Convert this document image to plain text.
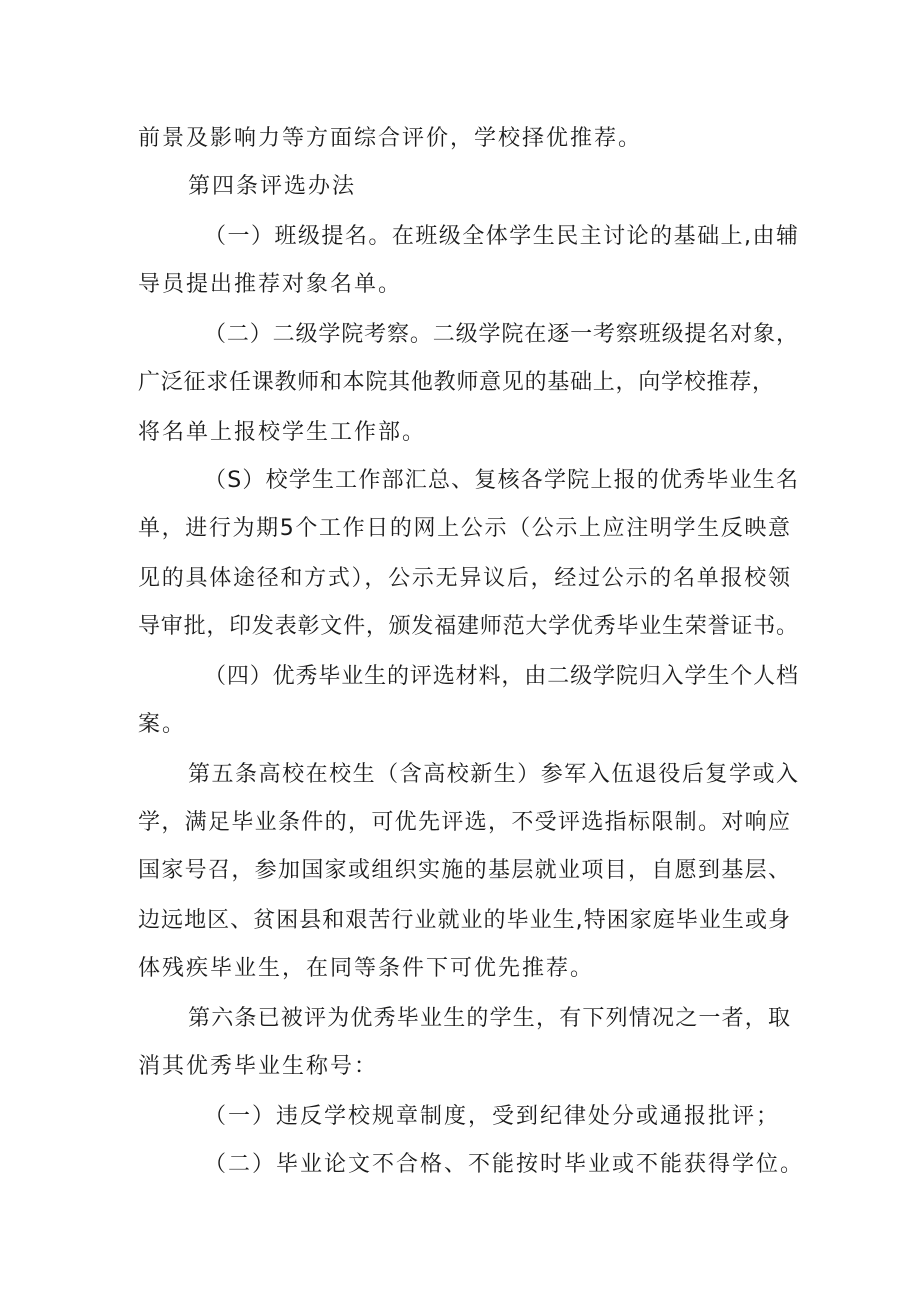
前景及影响力等方面综合评价，学校择优推荐。
第四条评选办法
（一）班级提名。在班级全体学生民主讨论的基础上,由辅
导员提出推荐对象名单。
（二）二级学院考察。二级学院在逐一考察班级提名对象，
广泛征求任课教师和本院其他教师意见的基础上，向学校推荐，
将名单上报校学生工作部。
（S）校学生工作部汇总、复核各学院上报的优秀毕业生名
单，进行为期5个工作日的网上公示（公示上应注明学生反映意
见的具体途径和方式），公示无异议后，经过公示的名单报校领
导审批，印发表彰文件，颁发福建师范大学优秀毕业生荣誉证书。
（四）优秀毕业生的评选材料，由二级学院归入学生个人档
案。
第五条高校在校生（含高校新生）参军入伍退役后复学或入
学，满足毕业条件的，可优先评选，不受评选指标限制。对响应
国家号召，参加国家或组织实施的基层就业项目，自愿到基层、
边远地区、贫困县和艰苦行业就业的毕业生,特困家庭毕业生或身
体残疾毕业生，在同等条件下可优先推荐。
第六条已被评为优秀毕业生的学生，有下列情况之一者，取
消其优秀毕业生称号：
（一）违反学校规章制度，受到纪律处分或通报批评；
（二）毕业论文不合格、不能按时毕业或不能获得学位。
